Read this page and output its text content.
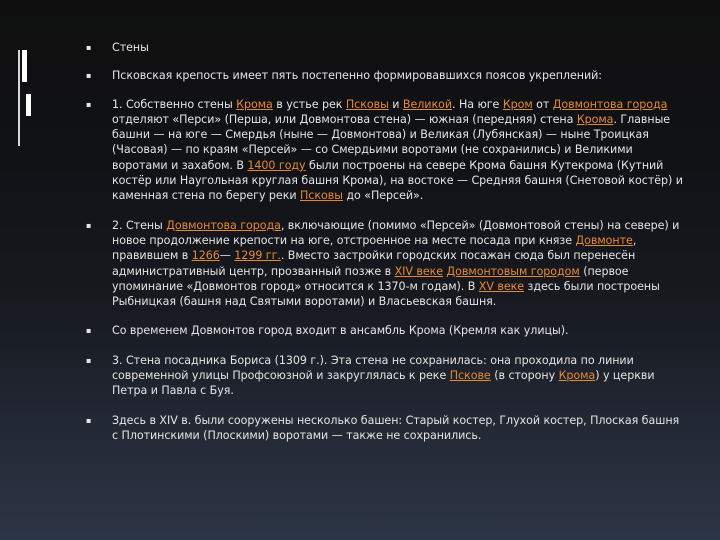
▪ Стены
▪ Псковская крепость имеет пять постепенно формировавшихся поясов укреплений:
▪ 1. Собственно стены Крома в устье рек Псковы и Великой. На юге Кром от Довмонтова города отделяют «Перси» (Перша, или Довмонтова стена) — южная (передняя) стена Крома. Главные башни — на юге — Смердья (ныне — Довмонтова) и Великая (Лубянская) — ныне Троицкая (Часовая) — по краям «Персей» — со Смердьими воротами (не сохранились) и Великими воротами и захабом. В 1400 году были построены на севере Крома башня Кутекрома (Кутний костёр или Наугольная круглая башня Крома), на востоке — Средняя башня (Снетовой костёр) и каменная стена по берегу реки Псковы до «Персей».
▪ 2. Стены Довмонтова города, включающие (помимо «Персей» (Довмонтовой стены) на севере) и новое продолжение крепости на юге, отстроенное на месте посада при князе Довмонте, правившем в 1266— 1299 гг.. Вместо застройки городских посажан сюда был перенесён административный центр, прозванный позже в XIV веке Довмонтовым городом (первое упоминание «Довмонтов город» относится к 1370-м годам). В XV веке здесь были построены Рыбницкая (башня над Святыми воротами) и Власьевская башня.
▪ Со временем Довмонтов город входит в ансамбль Крома (Кремля как улицы).
▪ 3. Стена посадника Бориса (1309 г.). Эта стена не сохранилась: она проходила по линии современной улицы Профсоюзной и закруглялась к реке Пскове (в сторону Крома) у церкви Петра и Павла с Буя.
▪ Здесь в XIV в. были сооружены несколько башен: Старый костер, Глухой костер, Плоская башня с Плотинскими (Плоскими) воротами — также не сохранились.
